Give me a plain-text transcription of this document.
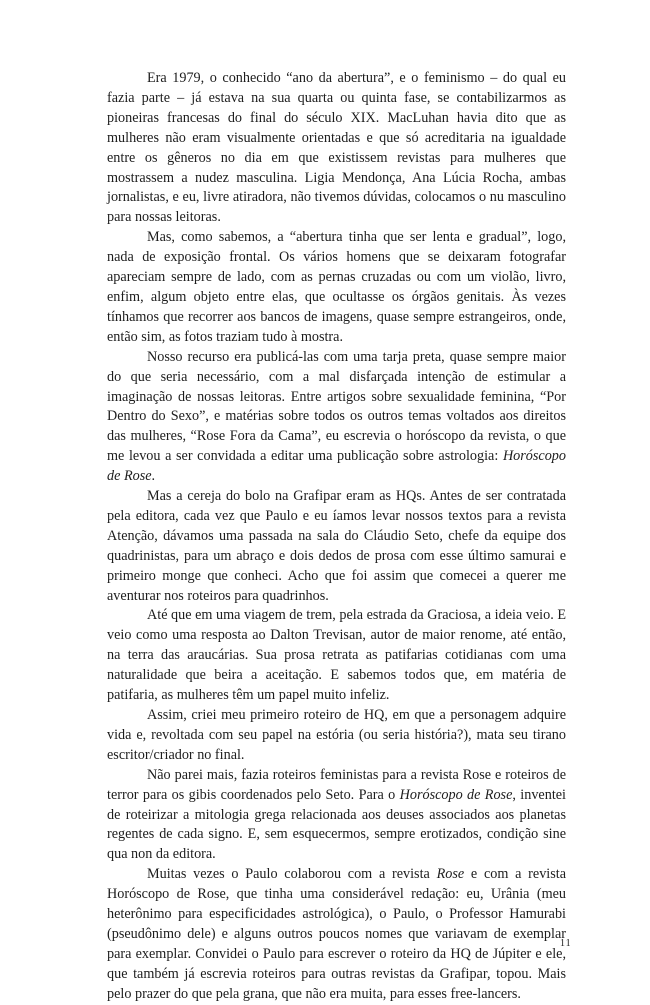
Era 1979, o conhecido “ano da abertura”, e o feminismo – do qual eu fazia parte – já estava na sua quarta ou quinta fase, se contabilizarmos as pioneiras francesas do final do século XIX. MacLuhan havia dito que as mulheres não eram visualmente orientadas e que só acreditaria na igualdade entre os gêneros no dia em que existissem revistas para mulheres que mostrassem a nudez masculina. Ligia Mendonça, Ana Lúcia Rocha, ambas jornalistas, e eu, livre atiradora, não tivemos dúvidas, colocamos o nu masculino para nossas leitoras.

Mas, como sabemos, a “abertura tinha que ser lenta e gradual”, logo, nada de exposição frontal. Os vários homens que se deixaram fotografar apareciam sempre de lado, com as pernas cruzadas ou com um violão, livro, enfim, algum objeto entre elas, que ocultasse os órgãos genitais. Às vezes tínhamos que recorrer aos bancos de imagens, quase sempre estrangeiros, onde, então sim, as fotos traziam tudo à mostra.

Nosso recurso era publicá-las com uma tarja preta, quase sempre maior do que seria necessário, com a mal disfarçada intenção de estimular a imaginação de nossas leitoras. Entre artigos sobre sexualidade feminina, “Por Dentro do Sexo”, e matérias sobre todos os outros temas voltados aos direitos das mulheres, “Rose Fora da Cama”, eu escrevia o horóscopo da revista, o que me levou a ser convidada a editar uma publicação sobre astrologia: Horóscopo de Rose.

Mas a cereja do bolo na Grafipar eram as HQs. Antes de ser contratada pela editora, cada vez que Paulo e eu íamos levar nossos textos para a revista Atenção, dávamos uma passada na sala do Cláudio Seto, chefe da equipe dos quadrinistas, para um abraço e dois dedos de prosa com esse último samurai e primeiro monge que conheci. Acho que foi assim que comecei a querer me aventurar nos roteiros para quadrinhos.

Até que em uma viagem de trem, pela estrada da Graciosa, a ideia veio. E veio como uma resposta ao Dalton Trevisan, autor de maior renome, até então, na terra das araucárias. Sua prosa retrata as patifarias cotidianas com uma naturalidade que beira a aceitação. E sabemos todos que, em matéria de patifaria, as mulheres têm um papel muito infeliz.

Assim, criei meu primeiro roteiro de HQ, em que a personagem adquire vida e, revoltada com seu papel na estória (ou seria história?), mata seu tirano escritor/criador no final.

Não parei mais, fazia roteiros feministas para a revista Rose e roteiros de terror para os gibis coordenados pelo Seto. Para o Horóscopo de Rose, inventei de roteirizar a mitologia grega relacionada aos deuses associados aos planetas regentes de cada signo. E, sem esquecermos, sempre erotizados, condição sine qua non da editora.

Muitas vezes o Paulo colaborou com a revista Rose e com a revista Horóscopo de Rose, que tinha uma considerável redação: eu, Urânia (meu heterônimo para especificidades astrológica), o Paulo, o Professor Hamurabi (pseudônimo dele) e alguns outros poucos nomes que variavam de exemplar para exemplar. Convidei o Paulo para escrever o roteiro da HQ de Júpiter e ele, que também já escrevia roteiros para outras revistas da Grafipar, topou. Mais pelo prazer do que pela grana, que não era muita, para esses free-lancers.

11
